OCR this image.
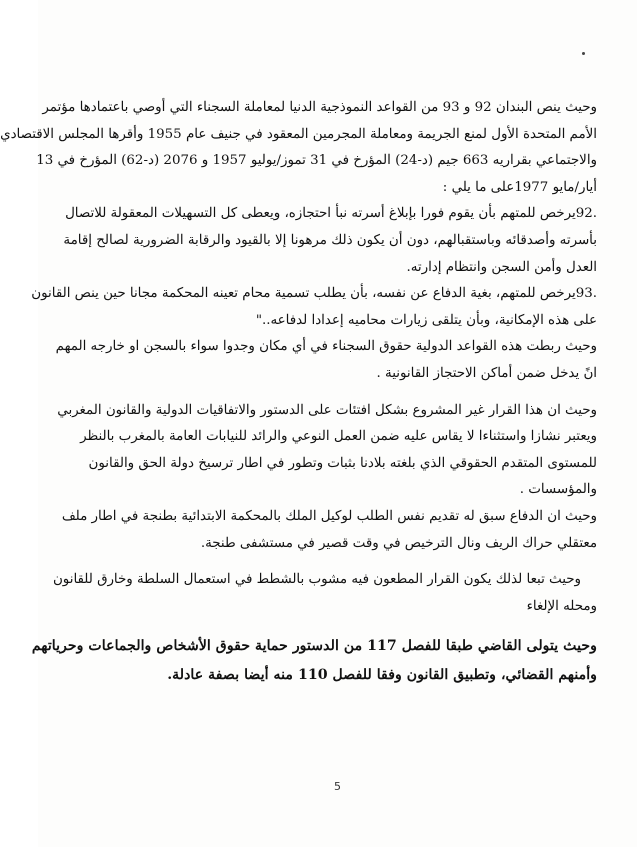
وحيث ينص البندان 92 و 93 من القواعد النموذجية الدنيا لمعاملة السجناء التي أوصي باعتمادها مؤتمر
الأمم المتحدة الأول لمنع الجريمة ومعاملة المجرمين المعقود في جنيف عام 1955 وأقرها المجلس الاقتصادي
والاجتماعي بقراريه 663 جيم (د-24) المؤرخ في 31 تموز/يوليو 1957 و 2076 (د-62) المؤرخ في 13
أيار/مايو 1977على ما يلي :

.92يرخص للمتهم بأن يقوم فورا بإبلاغ أسرته نبأ احتجازه، ويعطى كل التسهيلات المعقولة للاتصال
بأسرته وأصدقائه وباستقبالهم، دون أن يكون ذلك مرهونا إلا بالقيود والرقابة الضرورية لصالح إقامة
العدل وأمن السجن وانتظام إدارته.

.93يرخص للمتهم، بغية الدفاع عن نفسه، بأن يطلب تسمية محام تعينه المحكمة مجانا حين ينص القانون
على هذه الإمكانية، وبأن يتلقى زيارات محاميه إعدادا لدفاعه.."

وحيث ربطت هذه القواعد الدولية حقوق السجناء في أي مكان وجدوا سواء بالسجن او خارجه المهم
انً يدخل ضمن أماكن الاحتجاز القانونية .

وحيث ان هذا القرار غير المشروع بشكل افتئات على الدستور والاتفاقيات الدولية والقانون المغربي
ويعتبر نشازا واستثناءا لا يقاس عليه ضمن العمل النوعي والرائد للنيابات العامة بالمغرب بالنظر
للمستوى المتقدم الحقوقي الذي بلغته بلادنا بثبات وتطور في اطار ترسيخ دولة الحق والقانون
والمؤسسات .

وحيث ان الدفاع سبق له تقديم نفس الطلب لوكيل الملك بالمحكمة الابتدائية بطنجة في اطار ملف
معتقلي حراك الريف ونال الترخيص في وقت قصير في مستشفى طنجة.

وحيث تبعا لذلك يكون القرار المطعون فيه مشوب بالشطط في استعمال السلطة وخارق للقانون
ومحله الإلغاء

وحيث يتولى القاضي طبقا للفصل 117 من الدستور حماية حقوق الأشخاص والجماعات وحرياتهم
وأمنهم القضائي، وتطبيق القانون وفقا للفصل 110 منه أيضا بصفة عادلة.

5
